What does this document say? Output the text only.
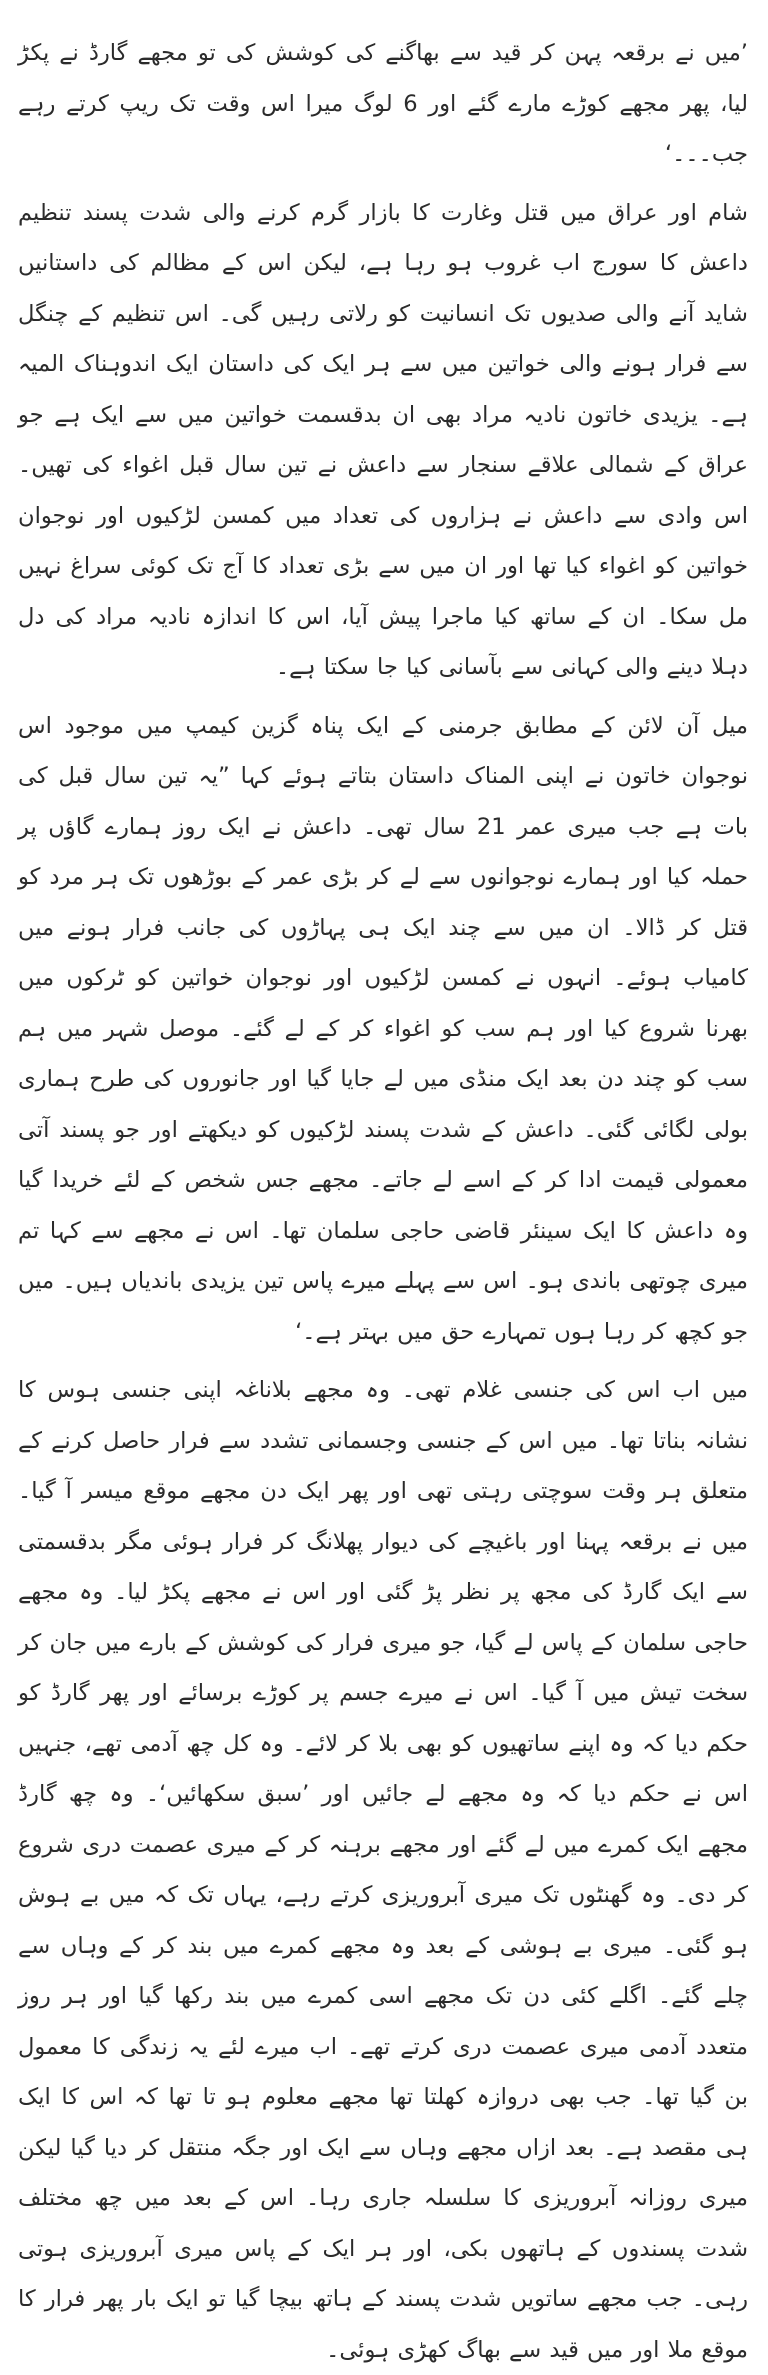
’میں نے برقعہ پہن کر قید سے بھاگنے کی کوشش کی تو مجھے گارڈ نے پکڑ لیا، پھر مجھے کوڑے مارے گئے اور 6 لوگ میرا اس وقت تک ریپ کرتے رہے جب۔۔۔‘

شام اور عراق میں قتل وغارت کا بازار گرم کرنے والی شدت پسند تنظیم داعش کا سورج اب غروب ہو رہا ہے، لیکن اس کے مظالم کی داستانیں شاید آنے والی صدیوں تک انسانیت کو رلاتی رہیں گی۔ اس تنظیم کے چنگل سے فرار ہونے والی خواتین میں سے ہر ایک کی داستان ایک اندوہناک المیہ ہے۔ یزیدی خاتون نادیہ مراد بھی ان بدقسمت خواتین میں سے ایک ہے جو عراق کے شمالی علاقے سنجار سے داعش نے تین سال قبل اغواء کی تھیں۔ اس وادی سے داعش نے ہزاروں کی تعداد میں کمسن لڑکیوں اور نوجوان خواتین کو اغواء کیا تھا اور ان میں سے بڑی تعداد کا آج تک کوئی سراغ نہیں مل سکا۔ ان کے ساتھ کیا ماجرا پیش آیا، اس کا اندازہ نادیہ مراد کی دل دہلا دینے والی کہانی سے بآسانی کیا جا سکتا ہے۔

میل آن لائن کے مطابق جرمنی کے ایک پناہ گزین کیمپ میں موجود اس نوجوان خاتون نے اپنی المناک داستان بتاتے ہوئے کہا ”یہ تین سال قبل کی بات ہے جب میری عمر 21 سال تھی۔ داعش نے ایک روز ہمارے گاؤں پر حملہ کیا اور ہمارے نوجوانوں سے لے کر بڑی عمر کے بوڑھوں تک ہر مرد کو قتل کر ڈالا۔ ان میں سے چند ایک ہی پہاڑوں کی جانب فرار ہونے میں کامیاب ہوئے۔ انہوں نے کمسن لڑکیوں اور نوجوان خواتین کو ٹرکوں میں بھرنا شروع کیا اور ہم سب کو اغواء کر کے لے گئے۔ موصل شہر میں ہم سب کو چند دن بعد ایک منڈی میں لے جایا گیا اور جانوروں کی طرح ہماری بولی لگائی گئی۔ داعش کے شدت پسند لڑکیوں کو دیکھتے اور جو پسند آتی معمولی قیمت ادا کر کے اسے لے جاتے۔ مجھے جس شخص کے لئے خریدا گیا وہ داعش کا ایک سینئر قاضی حاجی سلمان تھا۔ اس نے مجھے سے کہا تم میری چوتھی باندی ہو۔ اس سے پہلے میرے پاس تین یزیدی باندیاں ہیں۔ میں جو کچھ کر رہا ہوں تمہارے حق میں بہتر ہے۔‘

میں اب اس کی جنسی غلام تھی۔ وہ مجھے بلاناغہ اپنی جنسی ہوس کا نشانہ بناتا تھا۔ میں اس کے جنسی وجسمانی تشدد سے فرار حاصل کرنے کے متعلق ہر وقت سوچتی رہتی تھی اور پھر ایک دن مجھے موقع میسر آ گیا۔ میں نے برقعہ پہنا اور باغیچے کی دیوار پھلانگ کر فرار ہوئی مگر بدقسمتی سے ایک گارڈ کی مجھ پر نظر پڑ گئی اور اس نے مجھے پکڑ لیا۔ وہ مجھے حاجی سلمان کے پاس لے گیا، جو میری فرار کی کوشش کے بارے میں جان کر سخت تیش میں آ گیا۔ اس نے میرے جسم پر کوڑے برسائے اور پھر گارڈ کو حکم دیا کہ وہ اپنے ساتھیوں کو بھی بلا کر لائے۔ وہ کل چھ آدمی تھے، جنہیں اس نے حکم دیا کہ وہ مجھے لے جائیں اور ’سبق سکھائیں‘۔ وہ چھ گارڈ مجھے ایک کمرے میں لے گئے اور مجھے برہنہ کر کے میری عصمت دری شروع کر دی۔ وہ گھنٹوں تک میری آبروریزی کرتے رہے، یہاں تک کہ میں بے ہوش ہو گئی۔ میری بے ہوشی کے بعد وہ مجھے کمرے میں بند کر کے وہاں سے چلے گئے۔ اگلے کئی دن تک مجھے اسی کمرے میں بند رکھا گیا اور ہر روز متعدد آدمی میری عصمت دری کرتے تھے۔ اب میرے لئے یہ زندگی کا معمول بن گیا تھا۔ جب بھی دروازہ کھلتا تھا مجھے معلوم ہو تا تھا کہ اس کا ایک ہی مقصد ہے۔ بعد ازاں مجھے وہاں سے ایک اور جگہ منتقل کر دیا گیا لیکن میری روزانہ آبروریزی کا سلسلہ جاری رہا۔ اس کے بعد میں چھ مختلف شدت پسندوں کے ہاتھوں بکی، اور ہر ایک کے پاس میری آبروریزی ہوتی رہی۔ جب مجھے ساتویں شدت پسند کے ہاتھ بیچا گیا تو ایک بار پھر فرار کا موقع ملا اور میں قید سے بھاگ کھڑی ہوئی۔
